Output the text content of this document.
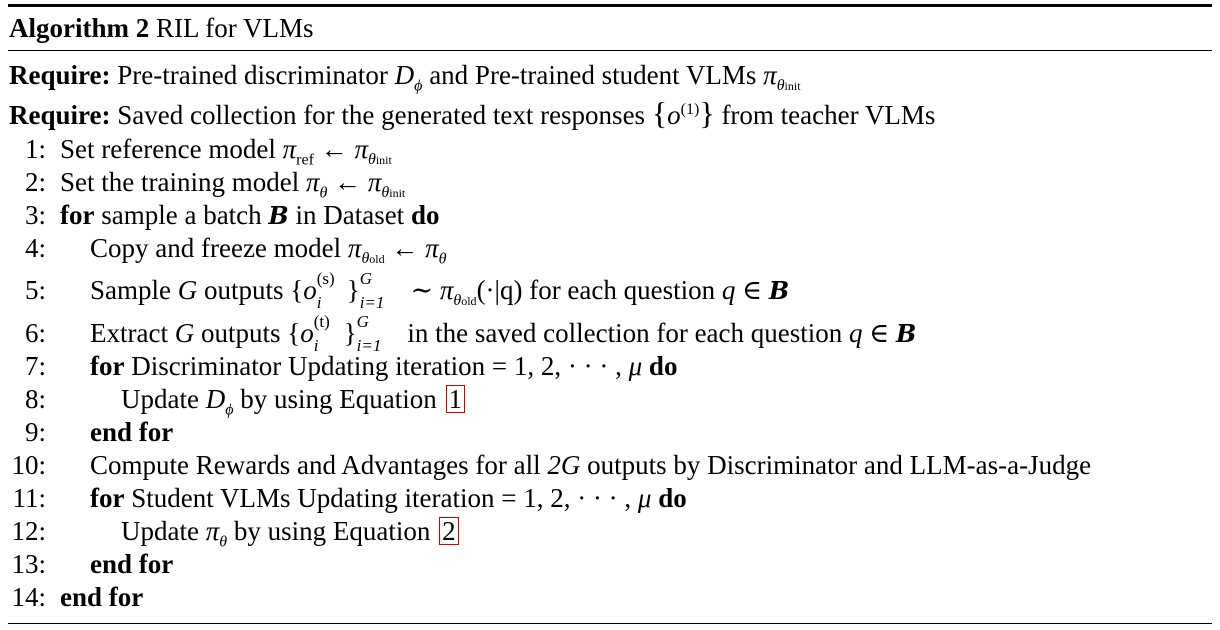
Algorithm 2 RIL for VLMs
Require: Pre-trained discriminator $D_\phi$ and Pre-trained student VLMs $\pi_{\theta init}$
Require: Saved collection for the generated text responses $\{o^{(1)}\}$ from teacher VLMs
1: Set reference model $\pi_{ref}$ ← $\pi_{\theta init}$
2: Set the training model $\pi_\theta$ ← $\pi_{\theta init}$
3: for sample a batch B in Dataset do
4: Copy and freeze model $\pi_{\theta old}$ ← $\pi_\theta$
5: Sample G outputs {o (s)
i } G
i=1 ∼ $\pi_{\theta old}(\cdot|q)$ for each question q ∈ B
6: Extract G outputs {o (t)
i } G
i=1 in the saved collection for each question q ∈ B
7: for Discriminator Updating iteration = 1, 2, · · · , μ do
8:	Update $D_\phi$ by using Equation 1
9: end for
10: Compute Rewards and Advantages for all 2G outputs by Discriminator and LLM-as-a-Judge
11: for Student VLMs Updating iteration = 1, 2, · · · , μ do
12:	Update $\pi_\theta$ by using Equation 2
13: end for
14: end for
